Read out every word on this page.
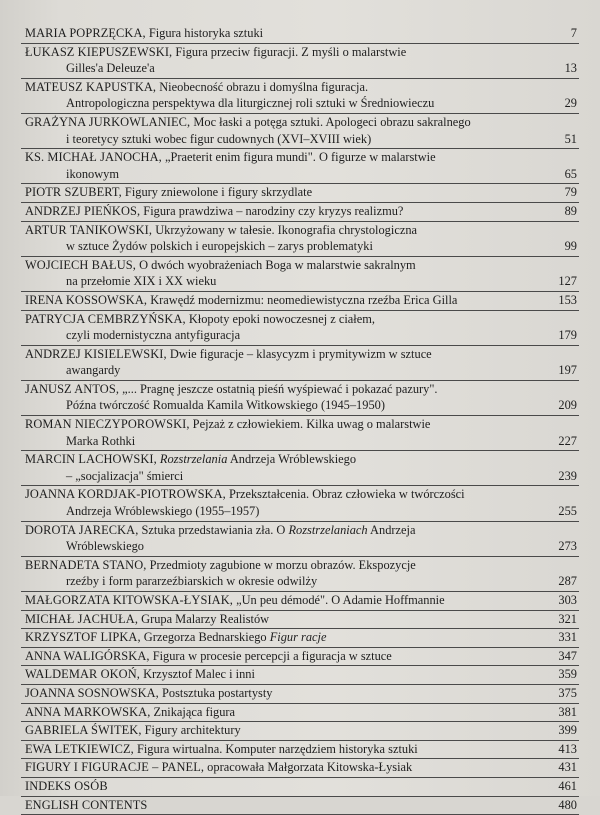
MARIA POPRZĘCKA, Figura historyka sztuki	7
ŁUKASZ KIEPUSZEWSKI, Figura przeciw figuracji. Z myśli o malarstwie
Gilles'a Deleuze'a	13
MATEUSZ KAPUSTKA, Nieobecność obrazu i domyślna figuracja.
Antropologiczna perspektywa dla liturgicznej roli sztuki w Średniowieczu	29
GRAŻYNA JURKOWLANIEC, Moc łaski a potęga sztuki. Apologeci obrazu sakralnego
i teoretycy sztuki wobec figur cudownych (XVI–XVIII wiek)	51
KS. MICHAŁ JANOCHA, „Praeterit enim figura mundi". O figurze w malarstwie
ikonowym	65
PIOTR SZUBERT, Figury zniewolone i figury skrzydlate	79
ANDRZEJ PIEŃKOS, Figura prawdziwa – narodziny czy kryzys realizmu?	89
ARTUR TANIKOWSKI, Ukrzyżowany w tałesie. Ikonografia chrystologiczna
w sztuce Żydów polskich i europejskich – zarys problematyki	99
WOJCIECH BAŁUS, O dwóch wyobrażeniach Boga w malarstwie sakralnym
na przełomie XIX i XX wieku	127
IRENA KOSSOWSKA, Krawędź modernizmu: neomediewistyczna rzeźba Erica Gilla	153
PATRYCJA CEMBRZYŃSKA, Kłopoty epoki nowoczesnej z ciałem,
czyli modernistyczna antyfiguracja	179
ANDRZEJ KISIELEWSKI, Dwie figuracje – klasycyzm i prymitywizm w sztuce
awangardy	197
JANUSZ ANTOS, „... Pragnę jeszcze ostatnią pieśń wyśpiewać i pokazać pazury".
Późna twórczość Romualda Kamila Witkowskiego (1945–1950)	209
ROMAN NIECZYPOROWSKI, Pejzaż z człowiekiem. Kilka uwag o malarstwie
Marka Rothki	227
MARCIN LACHOWSKI, Rozstrzelania Andrzeja Wróblewskiego
– „socjalizacja" śmierci	239
JOANNA KORDJAK-PIOTROWSKA, Przekształcenia. Obraz człowieka w twórczości
Andrzeja Wróblewskiego (1955–1957)	255
DOROTA JARECKA, Sztuka przedstawiania zła. O Rozstrzelaniach Andrzeja
Wróblewskiego	273
BERNADETA STANO, Przedmioty zagubione w morzu obrazów. Ekspozycje
rzeźby i form pararzeźbiarskich w okresie odwilży	287
MAŁGORZATA KITOWSKA-ŁYSIAK, „Un peu démodé". O Adamie Hoffmannie	303
MICHAŁ JACHUŁA, Grupa Malarzy Realistów	321
KRZYSZTOF LIPKA, Grzegorza Bednarskiego Figur racje	331
ANNA WALIGÓRSKA, Figura w procesie percepcji a figuracja w sztuce	347
WALDEMAR OKOŃ, Krzysztof Malec i inni	359
JOANNA SOSNOWSKA, Postsztuka postartysty	375
ANNA MARKOWSKA, Znikająca figura	381
GABRIELA ŚWITEK, Figury architektury	399
EWA LETKIEWICZ, Figura wirtualna. Komputer narzędziem historyka sztuki	413
FIGURY I FIGURACJE – PANEL, opracowała Małgorzata Kitowska-Łysiak	431
INDEKS OSÓB	461
ENGLISH CONTENTS	480
